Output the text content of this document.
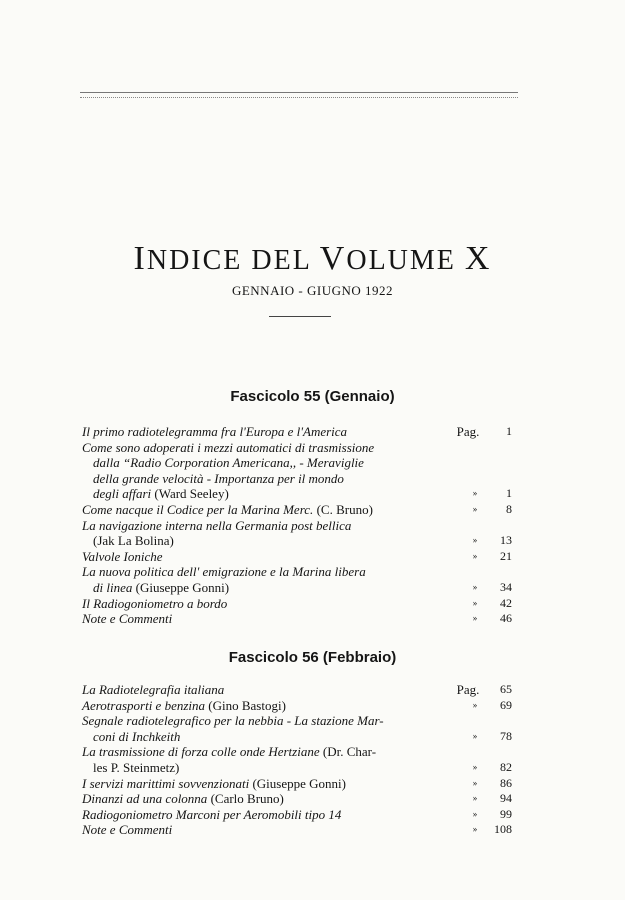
INDICE DEL VOLUME X
GENNAIO - GIUGNO 1922
Fascicolo 55 (Gennaio)
Il primo radiotelegramma fra l'Europa e l'America	Pag.	1
Come sono adoperati i mezzi automatici di trasmissione
dalla “Radio Corporation Americana,, - Meraviglie
della grande velocità - Importanza per il mondo
degli affari (Ward Seeley)	»	1
Come nacque il Codice per la Marina Merc. (C. Bruno)	»	8
La navigazione interna nella Germania post bellica
(Jak La Bolina)	»	13
Valvole Ioniche	»	21
La nuova politica dell' emigrazione e la Marina libera
di linea (Giuseppe Gonni)	»	34
Il Radiogoniometro a bordo	»	42
Note e Commenti	»	46
Fascicolo 56 (Febbraio)
La Radiotelegrafia italiana	Pag.	65
Aerotrasporti e benzina (Gino Bastogi)	»	69
Segnale radiotelegrafico per la nebbia - La stazione Mar-
coni di Inchkeith	»	78
La trasmissione di forza colle onde Hertziane (Dr. Char-
les P. Steinmetz)	»	82
I servizi marittimi sovvenzionati (Giuseppe Gonni)	»	86
Dinanzi ad una colonna (Carlo Bruno)	»	94
Radiogoniometro Marconi per Aeromobili tipo 14	»	99
Note e Commenti	»	108
